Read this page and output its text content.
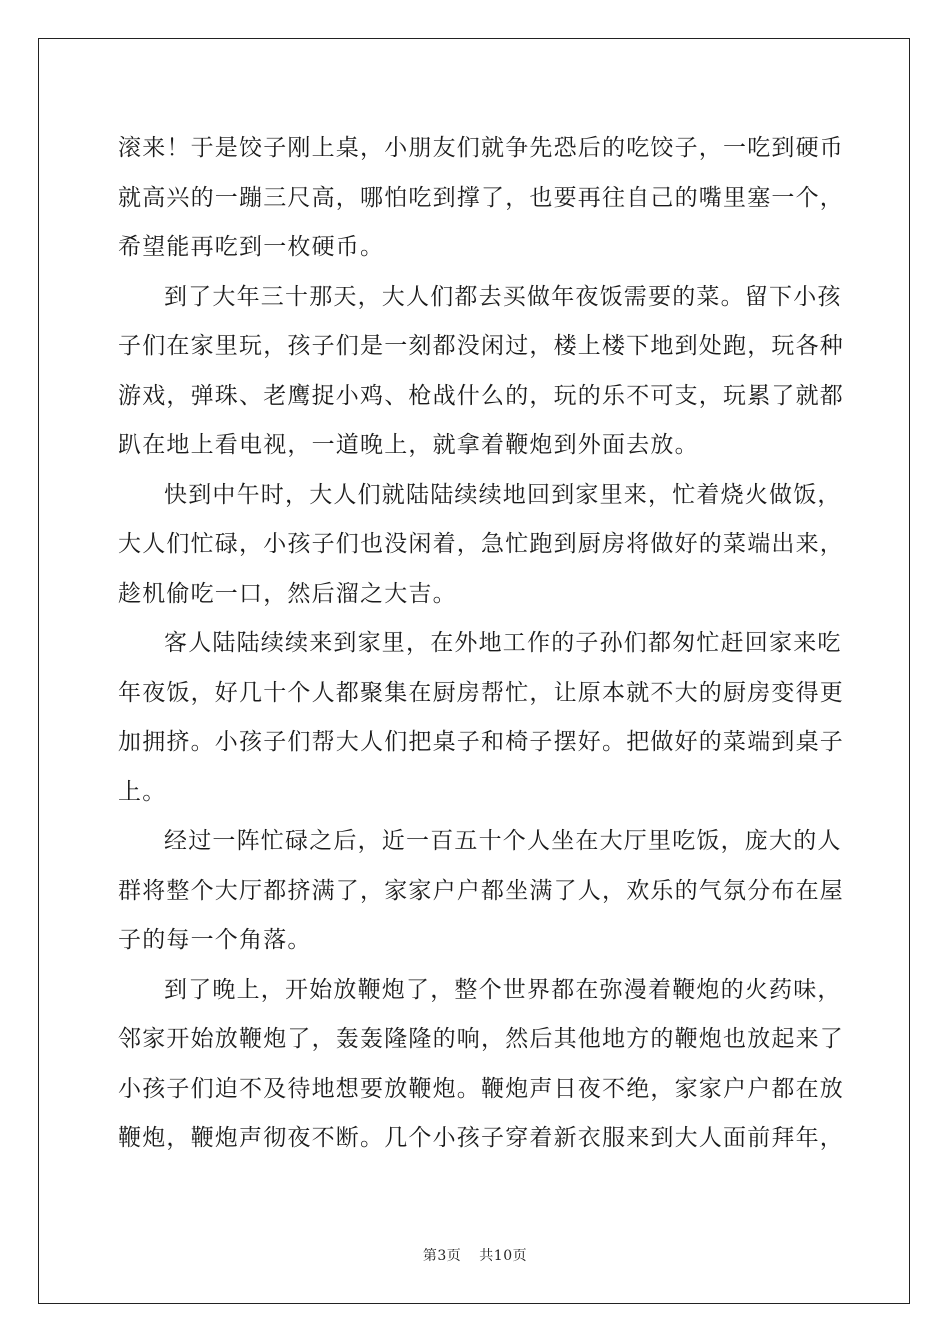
滚来！于是饺子刚上桌，小朋友们就争先恐后的吃饺子，一吃到硬币
就高兴的一蹦三尺高，哪怕吃到撑了，也要再往自己的嘴里塞一个，
希望能再吃到一枚硬币。
到了大年三十那天，大人们都去买做年夜饭需要的菜。留下小孩
子们在家里玩，孩子们是一刻都没闲过，楼上楼下地到处跑，玩各种
游戏，弹珠、老鹰捉小鸡、枪战什么的，玩的乐不可支，玩累了就都
趴在地上看电视，一道晚上，就拿着鞭炮到外面去放。
快到中午时，大人们就陆陆续续地回到家里来，忙着烧火做饭，
大人们忙碌，小孩子们也没闲着，急忙跑到厨房将做好的菜端出来，
趁机偷吃一口，然后溜之大吉。
客人陆陆续续来到家里，在外地工作的子孙们都匆忙赶回家来吃
年夜饭，好几十个人都聚集在厨房帮忙，让原本就不大的厨房变得更
加拥挤。小孩子们帮大人们把桌子和椅子摆好。把做好的菜端到桌子
上。
经过一阵忙碌之后，近一百五十个人坐在大厅里吃饭，庞大的人
群将整个大厅都挤满了，家家户户都坐满了人，欢乐的气氛分布在屋
子的每一个角落。
到了晚上，开始放鞭炮了，整个世界都在弥漫着鞭炮的火药味，
邻家开始放鞭炮了，轰轰隆隆的响，然后其他地方的鞭炮也放起来了
小孩子们迫不及待地想要放鞭炮。鞭炮声日夜不绝，家家户户都在放
鞭炮，鞭炮声彻夜不断。几个小孩子穿着新衣服来到大人面前拜年，
第3页 共10页
